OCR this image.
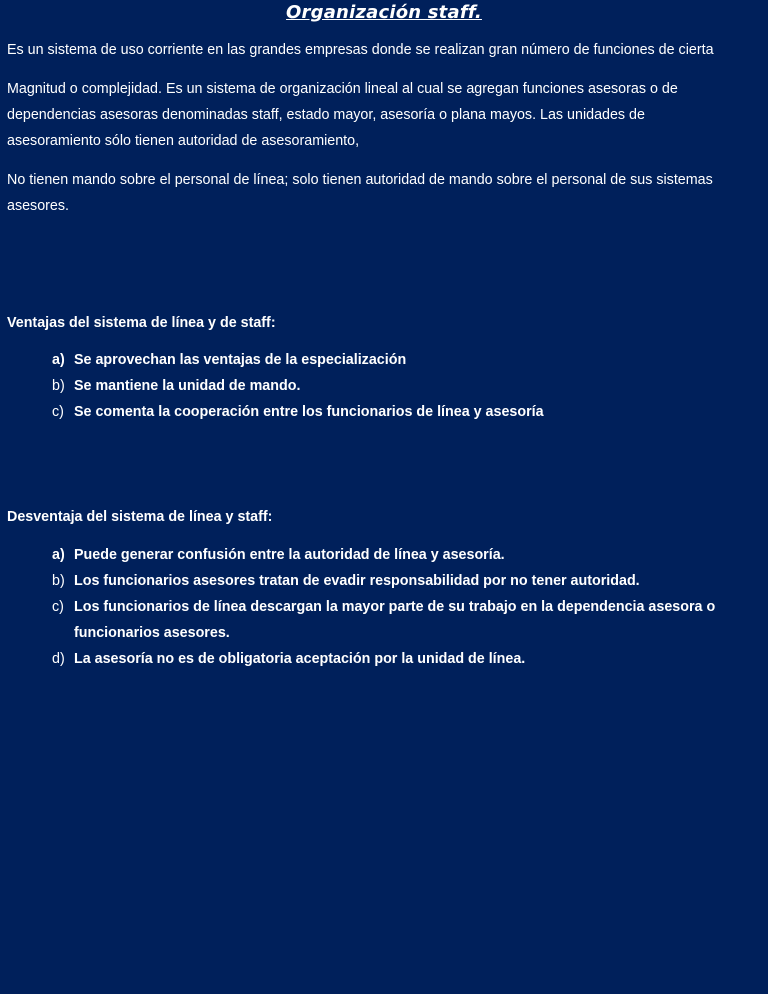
Organización staff.
Es un sistema de uso corriente en las grandes empresas donde se realizan gran número de funciones de cierta
Magnitud o complejidad. Es un sistema de organización lineal al cual se agregan funciones asesoras o de
dependencias asesoras denominadas staff, estado mayor, asesoría o plana mayos. Las unidades de
asesoramiento sólo tienen autoridad de asesoramiento,
No tienen mando sobre el personal de línea; solo tienen autoridad de mando sobre el personal de sus sistemas
asesores.
Ventajas del sistema de línea y de staff:
a) Se aprovechan las ventajas de la especialización
b) Se mantiene la unidad de mando.
c) Se comenta la cooperación entre los funcionarios de línea y asesoría
Desventaja del sistema de línea y staff:
a) Puede generar confusión entre la autoridad de línea y asesoría.
b) Los funcionarios asesores tratan de evadir responsabilidad por no tener autoridad.
c) Los funcionarios de línea descargan la mayor parte de su trabajo en la dependencia asesora o
funcionarios asesores.
d) La asesoría no es de obligatoria aceptación por la unidad de línea.
